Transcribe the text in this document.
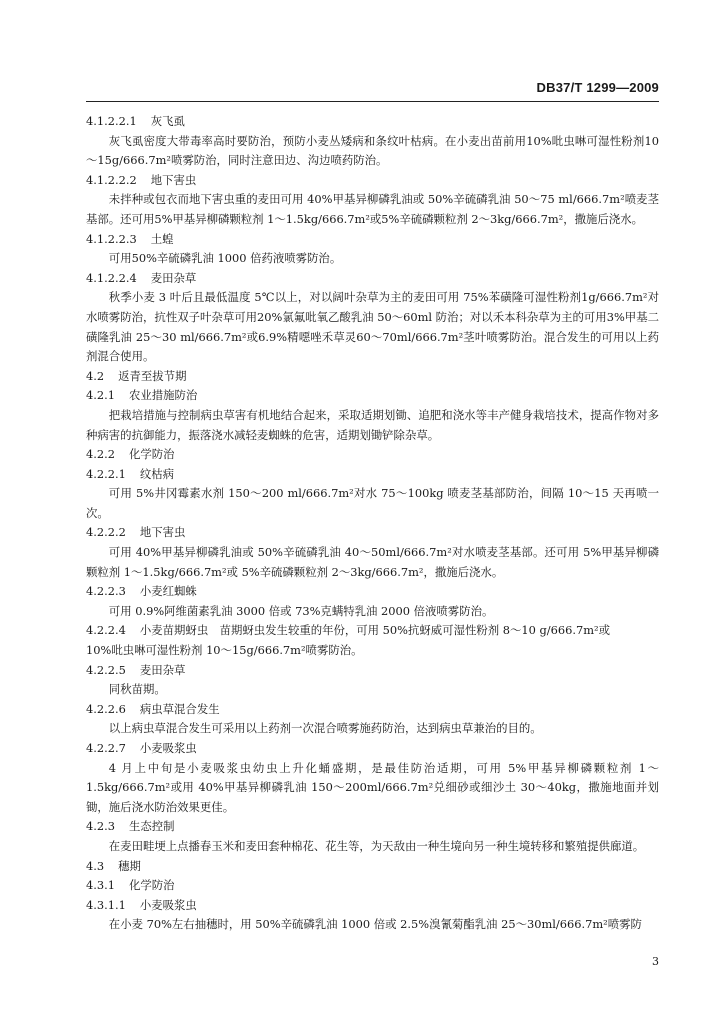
DB37/T 1299—2009
4.1.2.2.1 灰飞虱
灰飞虱密度大带毒率高时要防治，预防小麦丛矮病和条纹叶枯病。在小麦出苗前用10%吡虫啉可湿性粉剂10～15g/666.7m²喷雾防治，同时注意田边、沟边喷药防治。
4.1.2.2.2 地下害虫
未拌种或包衣而地下害虫重的麦田可用 40%甲基异柳磷乳油或 50%辛硫磷乳油 50～75 ml/666.7m²喷麦茎基部。还可用5%甲基异柳磷颗粒剂 1～1.5kg/666.7m²或5%辛硫磷颗粒剂 2～3kg/666.7m²，撒施后浇水。
4.1.2.2.3 土蝗
可用50%辛硫磷乳油 1000 倍药液喷雾防治。
4.1.2.2.4 麦田杂草
秋季小麦 3 叶后且最低温度 5℃以上，对以阔叶杂草为主的麦田可用 75%苯磺隆可湿性粉剂1g/666.7m²对水喷雾防治，抗性双子叶杂草可用20%氯氟吡氧乙酸乳油 50～60ml 防治；对以禾本科杂草为主的可用3%甲基二磺隆乳油 25～30 ml/666.7m²或6.9%精噁唑禾草灵60～70ml/666.7m²茎叶喷雾防治。混合发生的可用以上药剂混合使用。
4.2 返青至拔节期
4.2.1 农业措施防治
把栽培措施与控制病虫草害有机地结合起来，采取适期划锄、追肥和浇水等丰产健身栽培技术，提高作物对多种病害的抗御能力，振落浇水减轻麦蜘蛛的危害，适期划锄铲除杂草。
4.2.2 化学防治
4.2.2.1 纹枯病
可用 5%井冈霉素水剂 150～200 ml/666.7m²对水 75～100kg 喷麦茎基部防治，间隔 10～15 天再喷一次。
4.2.2.2 地下害虫
可用 40%甲基异柳磷乳油或 50%辛硫磷乳油 40～50ml/666.7m²对水喷麦茎基部。还可用 5%甲基异柳磷颗粒剂 1～1.5kg/666.7m²或 5%辛硫磷颗粒剂 2～3kg/666.7m²，撒施后浇水。
4.2.2.3 小麦红蜘蛛
可用 0.9%阿维菌素乳油 3000 倍或 73%克螨特乳油 2000 倍液喷雾防治。
4.2.2.4 小麦苗期蚜虫　苗期蚜虫发生较重的年份，可用 50%抗蚜威可湿性粉剂 8～10 g/666.7m²或
10%吡虫啉可湿性粉剂 10～15g/666.7m²喷雾防治。
4.2.2.5 麦田杂草
同秋苗期。
4.2.2.6 病虫草混合发生
以上病虫草混合发生可采用以上药剂一次混合喷雾施药防治，达到病虫草兼治的目的。
4.2.2.7 小麦吸浆虫
4 月上中旬是小麦吸浆虫幼虫上升化蛹盛期，是最佳防治适期，可用 5%甲基异柳磷颗粒剂 1～1.5kg/666.7m²或用 40%甲基异柳磷乳油 150～200ml/666.7m²兑细砂或细沙土 30～40kg，撒施地面并划锄，施后浇水防治效果更佳。
4.2.3 生态控制
在麦田畦埂上点播春玉米和麦田套种棉花、花生等，为天敌由一种生境向另一种生境转移和繁殖提供廊道。
4.3 穗期
4.3.1 化学防治
4.3.1.1 小麦吸浆虫
在小麦 70%左右抽穗时，用 50%辛硫磷乳油 1000 倍或 2.5%溴氰菊酯乳油 25～30ml/666.7m²喷雾防
3
